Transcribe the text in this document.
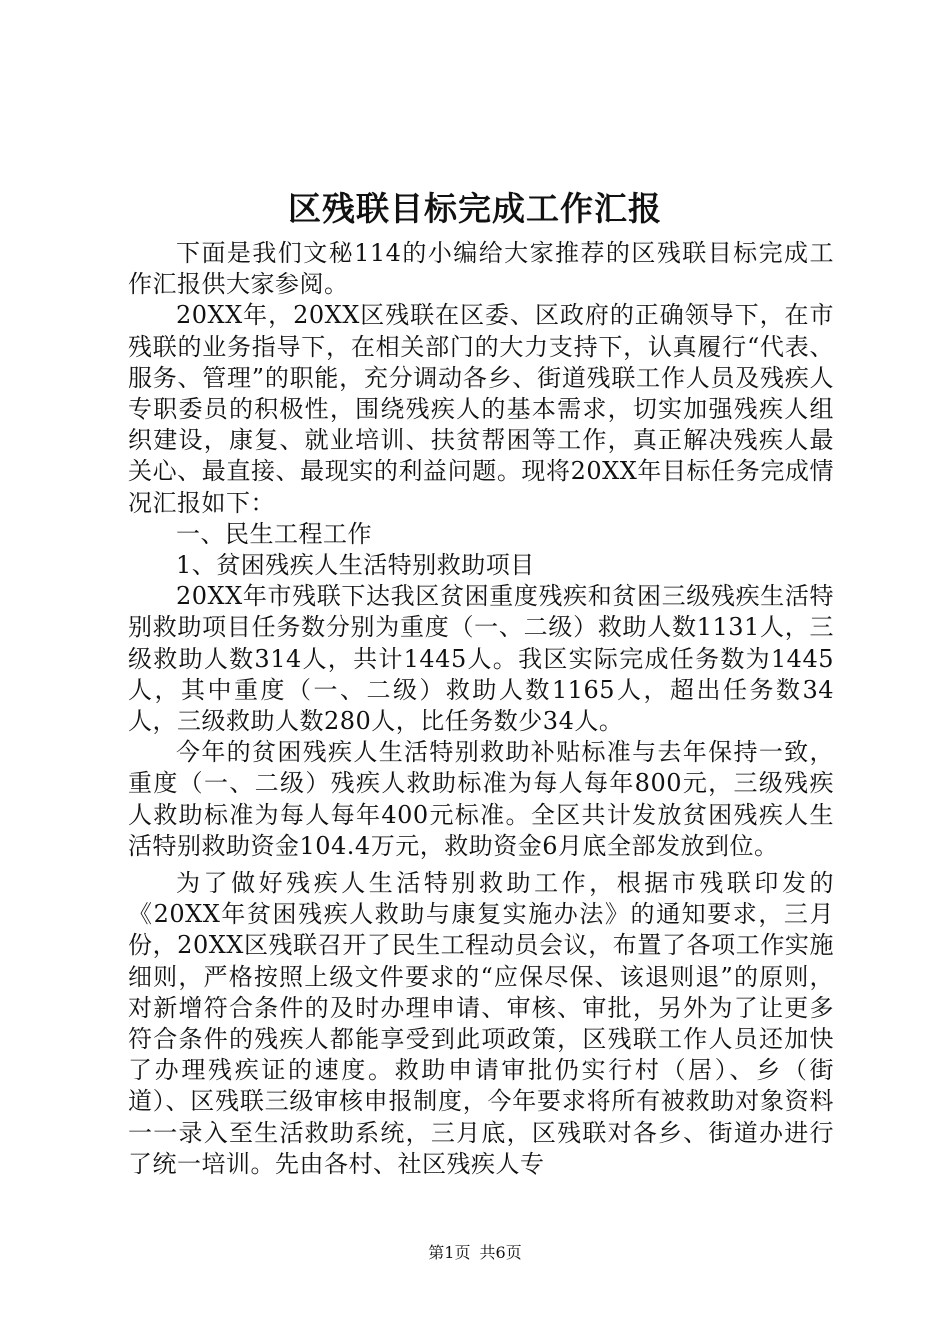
区残联目标完成工作汇报

下面是我们文秘114的小编给大家推荐的区残联目标完成工作汇报供大家参阅。

20XX年，20XX区残联在区委、区政府的正确领导下，在市残联的业务指导下，在相关部门的大力支持下，认真履行“代表、服务、管理”的职能，充分调动各乡、街道残联工作人员及残疾人专职委员的积极性，围绕残疾人的基本需求，切实加强残疾人组织建设，康复、就业培训、扶贫帮困等工作，真正解决残疾人最关心、最直接、最现实的利益问题。现将20XX年目标任务完成情况汇报如下：

一、民生工程工作

1、贫困残疾人生活特别救助项目

20XX年市残联下达我区贫困重度残疾和贫困三级残疾生活特别救助项目任务数分别为重度（一、二级）救助人数1131人，三级救助人数314人，共计1445人。我区实际完成任务数为1445人，其中重度（一、二级）救助人数1165人，超出任务数34人，三级救助人数280人，比任务数少34人。

今年的贫困残疾人生活特别救助补贴标准与去年保持一致，重度（一、二级）残疾人救助标准为每人每年800元，三级残疾人救助标准为每人每年400元标准。全区共计发放贫困残疾人生活特别救助资金104.4万元，救助资金6月底全部发放到位。

为了做好残疾人生活特别救助工作，根据市残联印发的《20XX年贫困残疾人救助与康复实施办法》的通知要求，三月份，20XX区残联召开了民生工程动员会议，布置了各项工作实施细则，严格按照上级文件要求的“应保尽保、该退则退”的原则，对新增符合条件的及时办理申请、审核、审批，另外为了让更多符合条件的残疾人都能享受到此项政策，区残联工作人员还加快了办理残疾证的速度。救助申请审批仍实行村（居）、乡（街道）、区残联三级审核申报制度，今年要求将所有被救助对象资料一一录入至生活救助系统，三月底，区残联对各乡、街道办进行了统一培训。先由各村、社区残疾人专

第1页 共6页
